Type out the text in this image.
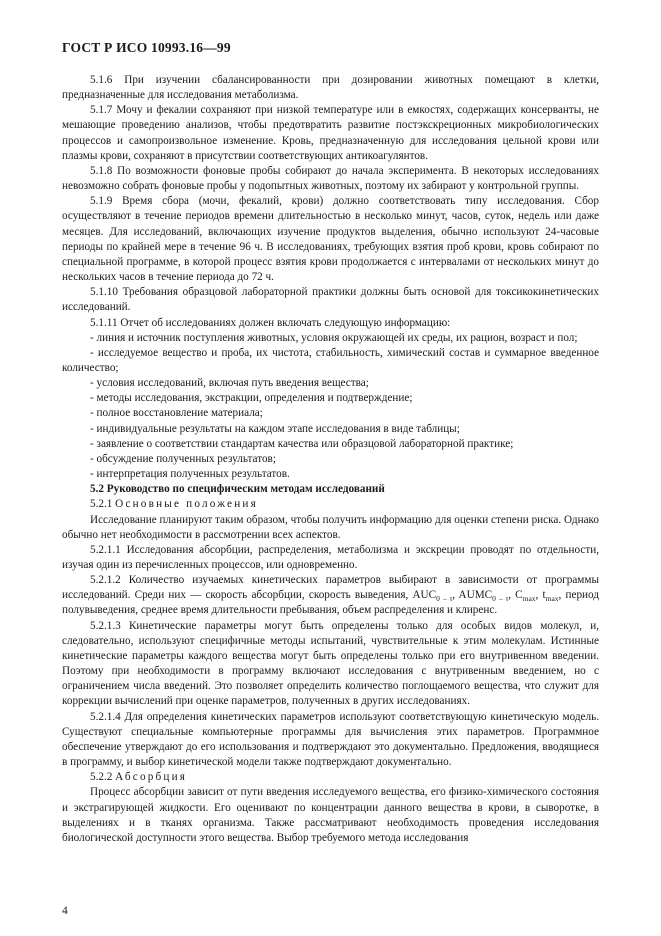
ГОСТ Р ИСО 10993.16—99

5.1.6 При изучении сбалансированности при дозировании животных помещают в клетки, предназначенные для исследования метаболизма.

5.1.7 Мочу и фекалии сохраняют при низкой температуре или в емкостях, содержащих консерванты, не мешающие проведению анализов, чтобы предотвратить развитие постэкскреционных микробиологических процессов и самопроизвольное изменение. Кровь, предназначенную для исследования цельной крови или плазмы крови, сохраняют в присутствии соответствующих антикоагулянтов.

5.1.8 По возможности фоновые пробы собирают до начала эксперимента. В некоторых исследованиях невозможно собрать фоновые пробы у подопытных животных, поэтому их забирают у контрольной группы.

5.1.9 Время сбора (мочи, фекалий, крови) должно соответствовать типу исследования. Сбор осуществляют в течение периодов времени длительностью в несколько минут, часов, суток, недель или даже месяцев. Для исследований, включающих изучение продуктов выделения, обычно используют 24-часовые периоды по крайней мере в течение 96 ч. В исследованиях, требующих взятия проб крови, кровь собирают по специальной программе, в которой процесс взятия крови продолжается с интервалами от нескольких минут до нескольких часов в течение периода до 72 ч.

5.1.10 Требования образцовой лабораторной практики должны быть основой для токсикокинетических исследований.

5.1.11 Отчет об исследованиях должен включать следующую информацию:

- линия и источник поступления животных, условия окружающей их среды, их рацион, возраст и пол;

- исследуемое вещество и проба, их чистота, стабильность, химический состав и суммарное введенное количество;

- условия исследований, включая путь введения вещества;

- методы исследования, экстракции, определения и подтверждение;

- полное восстановление материала;

- индивидуальные результаты на каждом этапе исследования в виде таблицы;

- заявление о соответствии стандартам качества или образцовой лабораторной практике;

- обсуждение полученных результатов;

- интерпретация полученных результатов.

5.2 Руководство по специфическим методам исследований

5.2.1 Основные положения

Исследование планируют таким образом, чтобы получить информацию для оценки степени риска. Однако обычно нет необходимости в рассмотрении всех аспектов.

5.2.1.1 Исследования абсорбции, распределения, метаболизма и экскреции проводят по отдельности, изучая один из перечисленных процессов, или одновременно.

5.2.1.2 Количество изучаемых кинетических параметров выбирают в зависимости от программы исследований. Среди них — скорость абсорбции, скорость выведения, $AUC_{0 - t}$, $AUMC_{0 - t}$, $C_{max}$, $t_{max}$, период полувыведения, среднее время длительности пребывания, объем распределения и клиренс.

5.2.1.3 Кинетические параметры могут быть определены только для особых видов молекул, и, следовательно, используют специфичные методы испытаний, чувствительные к этим молекулам. Истинные кинетические параметры каждого вещества могут быть определены только при его внутривенном введении. Поэтому при необходимости в программу включают исследования с внутривенным введением, но с ограничением числа введений. Это позволяет определить количество поглощаемого вещества, что служит для коррекции вычислений при оценке параметров, полученных в других исследованиях.

5.2.1.4 Для определения кинетических параметров используют соответствующую кинетическую модель. Существуют специальные компьютерные программы для вычисления этих параметров. Программное обеспечение утверждают до его использования и подтверждают это документально. Предложения, вводящиеся в программу, и выбор кинетической модели также подтверждают документально.

5.2.2 Абсорбция

Процесс абсорбции зависит от пути введения исследуемого вещества, его физико-химического состояния и экстрагирующей жидкости. Его оценивают по концентрации данного вещества в крови, в сыворотке, в выделениях и в тканях организма. Также рассматривают необходимость проведения исследования биологической доступности этого вещества. Выбор требуемого метода исследования

4
